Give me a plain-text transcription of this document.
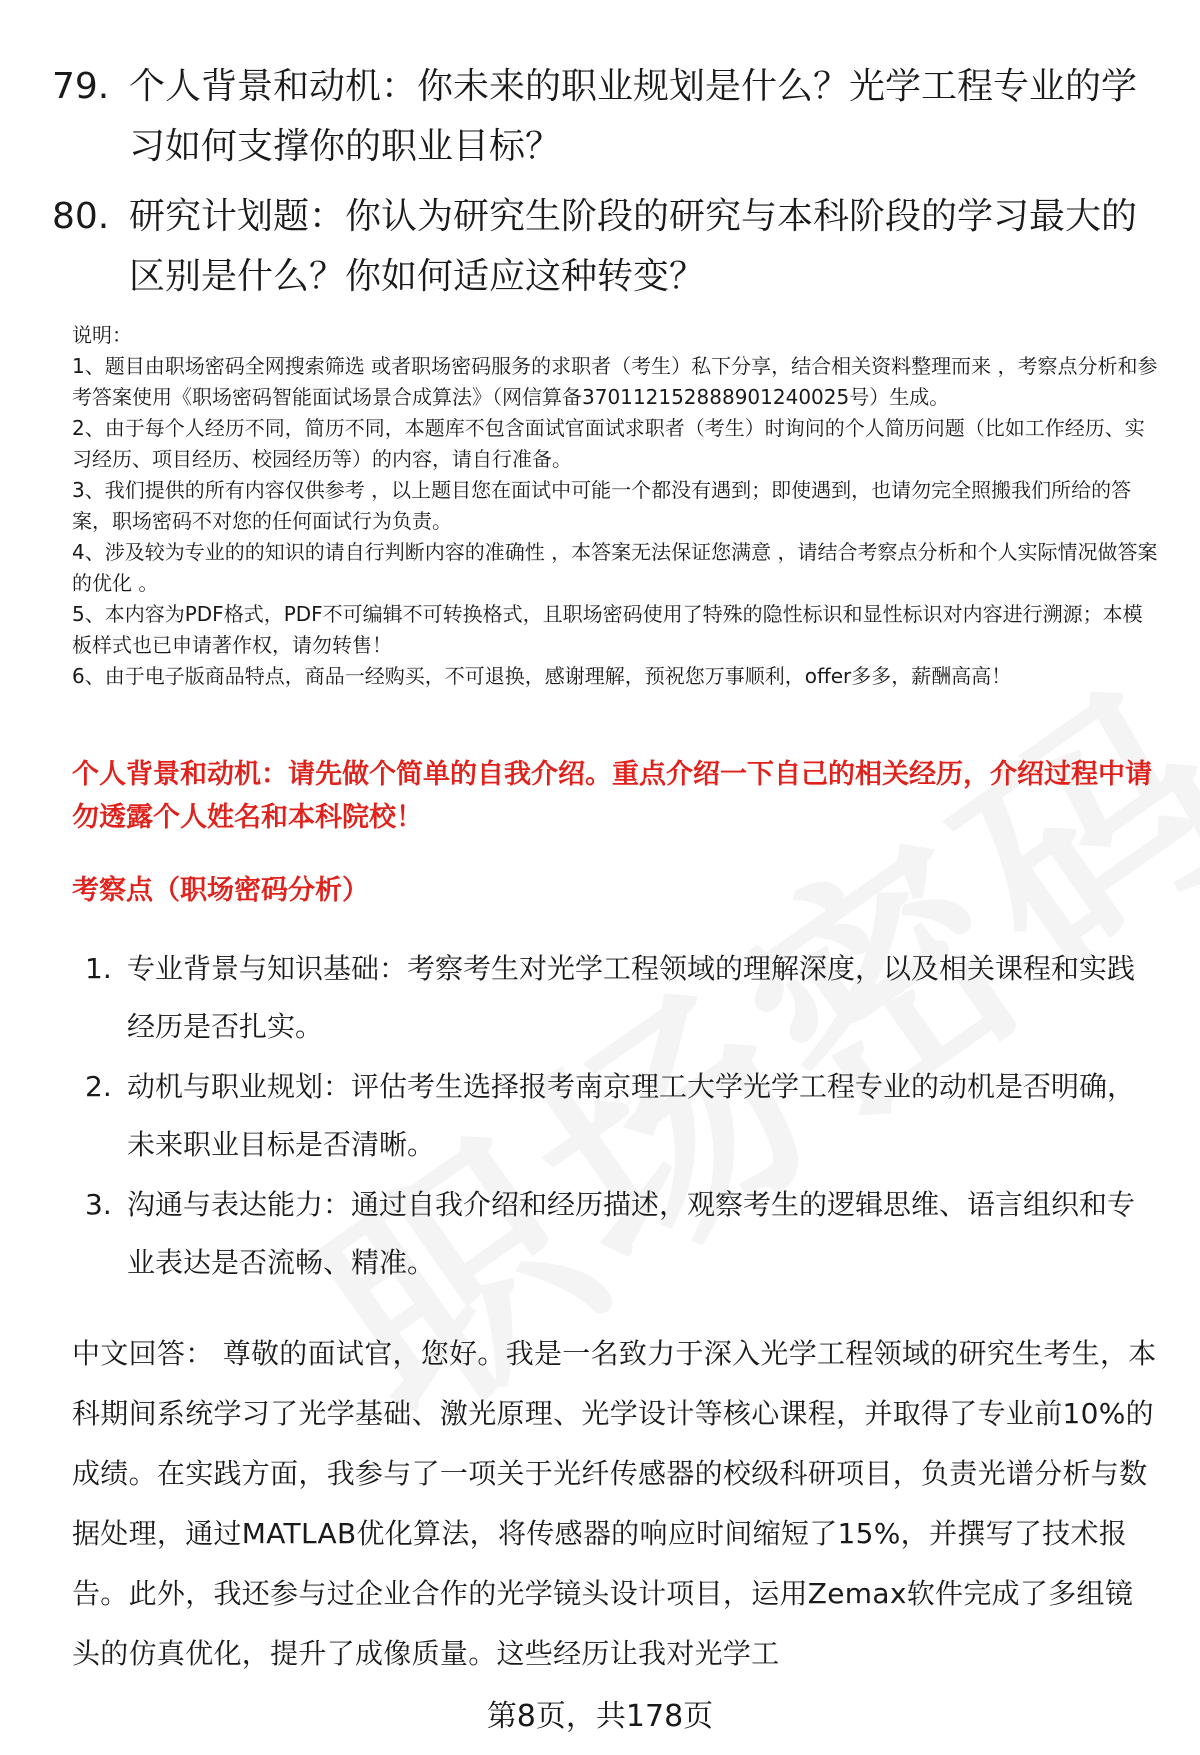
79. 个人背景和动机：你未来的职业规划是什么？光学工程专业的学习如何支撑你的职业目标？
80. 研究计划题：你认为研究生阶段的研究与本科阶段的学习最大的区别是什么？你如何适应这种转变？

说明：

1、题目由职场密码全网搜索筛选 或者职场密码服务的求职者（考生）私下分享，结合相关资料整理而来 ，考察点分析和参考答案使用《职场密码智能面试场景合成算法》（网信算备370112152888901240025号）生成。

2、由于每个人经历不同，简历不同，本题库不包含面试官面试求职者（考生）时询问的个人简历问题（比如工作经历、实习经历、项目经历、校园经历等）的内容，请自行准备。

3、我们提供的所有内容仅供参考 ，以上题目您在面试中可能一个都没有遇到；即使遇到，也请勿完全照搬我们所给的答案，职场密码不对您的任何面试行为负责。

4、涉及较为专业的的知识的请自行判断内容的准确性 ，本答案无法保证您满意 ，请结合考察点分析和个人实际情况做答案的优化 。

5、本内容为PDF格式，PDF不可编辑不可转换格式，且职场密码使用了特殊的隐性标识和显性标识对内容进行溯源；本模板样式也已申请著作权，请勿转售！

6、由于电子版商品特点，商品一经购买，不可退换，感谢理解，预祝您万事顺利，offer多多，薪酬高高！

个人背景和动机：请先做个简单的自我介绍。重点介绍一下自己的相关经历，介绍过程中请勿透露个人姓名和本科院校！
考察点（职场密码分析）
1. 专业背景与知识基础：考察考生对光学工程领域的理解深度，以及相关课程和实践经历是否扎实。
2. 动机与职业规划：评估考生选择报考南京理工大学光学工程专业的动机是否明确，未来职业目标是否清晰。
3. 沟通与表达能力：通过自我介绍和经历描述，观察考生的逻辑思维、语言组织和专业表达是否流畅、精准。
中文回答： 尊敬的面试官，您好。我是一名致力于深入光学工程领域的研究生考生，本科期间系统学习了光学基础、激光原理、光学设计等核心课程，并取得了专业前10%的成绩。在实践方面，我参与了一项关于光纤传感器的校级科研项目，负责光谱分析与数据处理，通过MATLAB优化算法，将传感器的响应时间缩短了15%，并撰写了技术报告。此外，我还参与过企业合作的光学镜头设计项目，运用Zemax软件完成了多组镜头的仿真优化，提升了成像质量。这些经历让我对光学工
第8页，共178页
